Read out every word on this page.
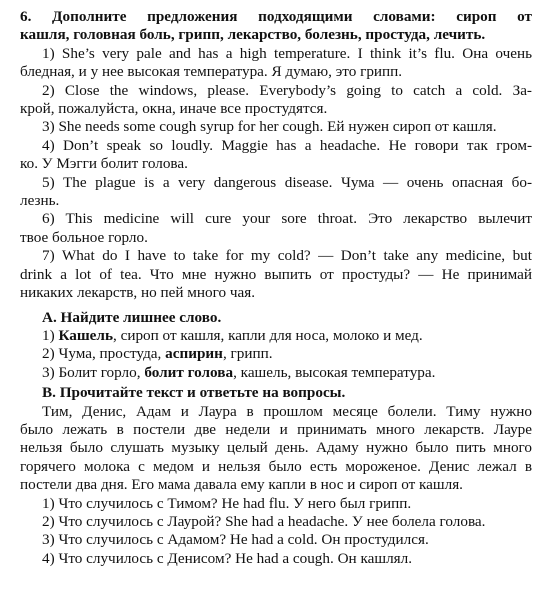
6. Дополните предложения подходящими словами: сироп от
кашля, головная боль, грипп, лекарство, болезнь, простуда, лечить.
1) She’s very pale and has a high temperature. I think it’s flu. Она очень
бледная, и у нее высокая температура. Я думаю, это грипп.
2) Close the windows, please. Everybody’s going to catch a cold. За-
крой, пожалуйста, окна, иначе все простудятся.
3) She needs some cough syrup for her cough. Ей нужен сироп от кашля.
4) Don’t speak so loudly. Maggie has a headache. Не говори так гром-
ко. У Мэгги болит голова.
5) The plague is a very dangerous disease. Чума — очень опасная бо-
лезнь.
6) This medicine will cure your sore throat. Это лекарство вылечит
твое больное горло.
7) What do I have to take for my cold? — Don’t take any medicine, but
drink a lot of tea. Что мне нужно выпить от простуды? — Не принимай
никаких лекарств, но пей много чая.
А. Найдите лишнее слово.
1) Кашель, сироп от кашля, капли для носа, молоко и мед.
2) Чума, простуда, аспирин, грипп.
3) Болит горло, болит голова, кашель, высокая температура.
В. Прочитайте текст и ответьте на вопросы.
Тим, Денис, Адам и Лаура в прошлом месяце болели. Тиму нужно
было лежать в постели две недели и принимать много лекарств. Лауре
нельзя было слушать музыку целый день. Адаму нужно было пить много
горячего молока с медом и нельзя было есть мороженое. Денис лежал в
постели два дня. Его мама давала ему капли в нос и сироп от кашля.
1) Что случилось с Тимом? He had flu. У него был грипп.
2) Что случилось с Лаурой? She had a headache. У нее болела голова.
3) Что случилось с Адамом? He had a cold. Он простудился.
4) Что случилось с Денисом? He had a cough. Он кашлял.
